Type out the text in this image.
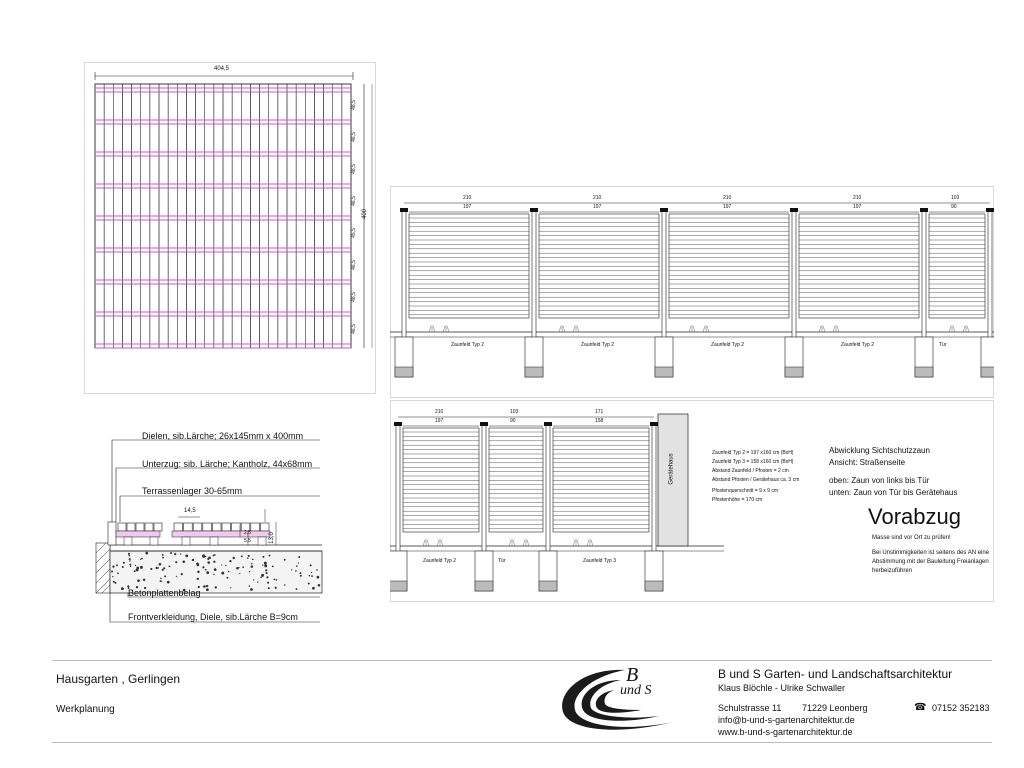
404,5
400
48,5
46,5
48,5
46,5
45,5
46,5
48,5
46,5
Dielen, sib.Lärche; 26x145mm x 400mm
Unterzug: sib. Lärche; Kantholz, 44x68mm
Terrassenlager 30-65mm
Betonplattenbelag
Frontverkleidung, Diele, sib.Lärche B=9cm
14,5
13,0
2,5
5,5
210
197
Zaunfeld Typ 2
210
197
Zaunfeld Typ 2
210
197
Zaunfeld Typ 2
210
197
Zaunfeld Typ 2
103
90
Tür
210
197
Zaunfeld Typ 2
103
90
Tür
171
158
Zaunfeld Typ 3
Gerätehaus
Zaunfeld Typ 2 = 197 x160 cm (BxH)
Zaunfeld Typ 3 = 158 x160 cm (BxH)
Abstand Zaunfeld / Pfosten = 2 cm
Abstand Pfosten / Gerätehaus ca. 3 cm
Pfostenquerschnitt = 9 x 9 cm
Pfostenhöhe = 170 cm
Abwicklung Sichtschutzzaun
Ansicht: Straßenseite
oben: Zaun von links bis Tür
unten: Zaun von Tür bis Gerätehaus
Vorabzug
Masse sind vor Ort zu prüfen!
Bei Unstimmigkeiten ist seitens des AN eine
Abstimmung mit der Bauleitung Freianlagen
herbeizuführen
Hausgarten , Gerlingen
Werkplanung
B
und S
B und S Garten- und Landschaftsarchitektur
Klaus Blöchle - Ulrike Schwaller
Schulstrasse 11 71229 Leonberg
info@b-und-s-gartenarchitektur.de
www.b-und-s-gartenarchitektur.de
☎ 07152 352183
